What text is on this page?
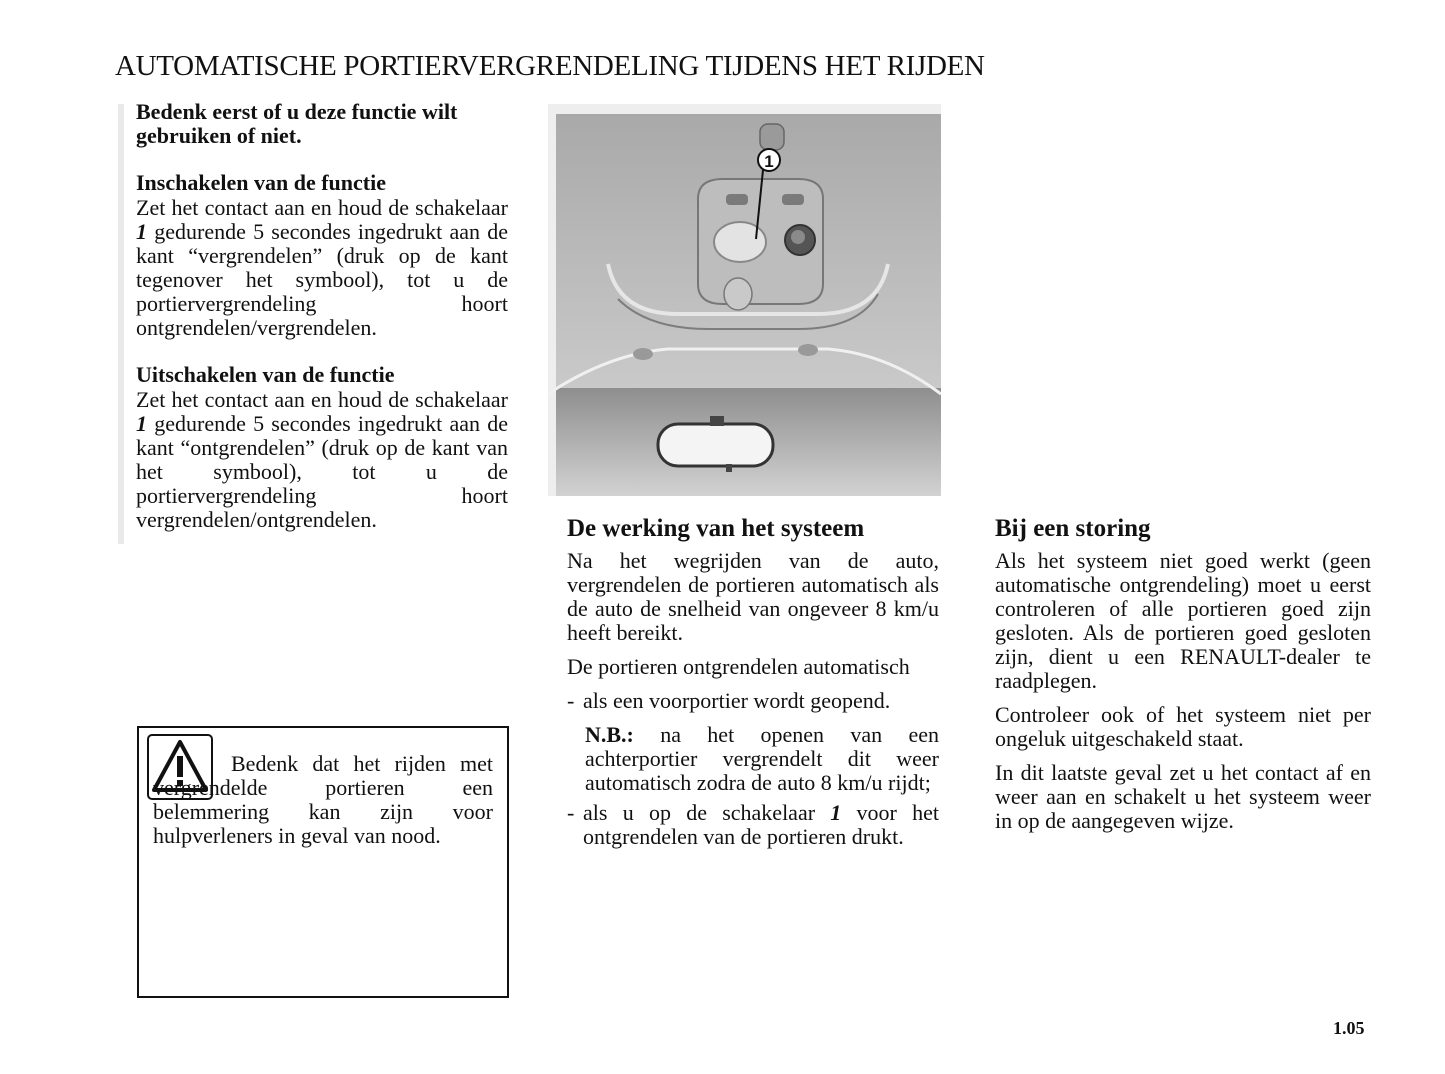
AUTOMATISCHE PORTIERVERGRENDELING TIJDENS HET RIJDEN

Bedenk eerst of u deze functie wilt gebruiken of niet.

Inschakelen van de functie

Zet het contact aan en houd de schakelaar 1 gedurende 5 secondes ingedrukt aan de kant “vergrendelen” (druk op de kant tegenover het symbool), tot u de portiervergrendeling hoort ontgrendelen/vergrendelen.

Uitschakelen van de functie

Zet het contact aan en houd de schakelaar 1 gedurende 5 secondes ingedrukt aan de kant “ontgrendelen” (druk op de kant van het symbool), tot u de portiervergrendeling hoort vergrendelen/ontgrendelen.

1

Bedenk dat het rijden met vergrendelde portieren een belemmering kan zijn voor hulpverleners in geval van nood.

De werking van het systeem

Na het wegrijden van de auto, vergrendelen de portieren automatisch als de auto de snelheid van ongeveer 8 km/u heeft bereikt.

De portieren ontgrendelen automatisch

- als een voorportier wordt geopend.

N.B.: na het openen van een achterportier vergrendelt dit weer automatisch zodra de auto 8 km/u rijdt;

- als u op de schakelaar 1 voor het ontgrendelen van de portieren drukt.
Bij een storing

Als het systeem niet goed werkt (geen automatische ontgrendeling) moet u eerst controleren of alle portieren goed zijn gesloten. Als de portieren goed gesloten zijn, dient u een RENAULT-dealer te raadplegen.

Controleer ook of het systeem niet per ongeluk uitgeschakeld staat.

In dit laatste geval zet u het contact af en weer aan en schakelt u het systeem weer in op de aangegeven wijze.

1.05
